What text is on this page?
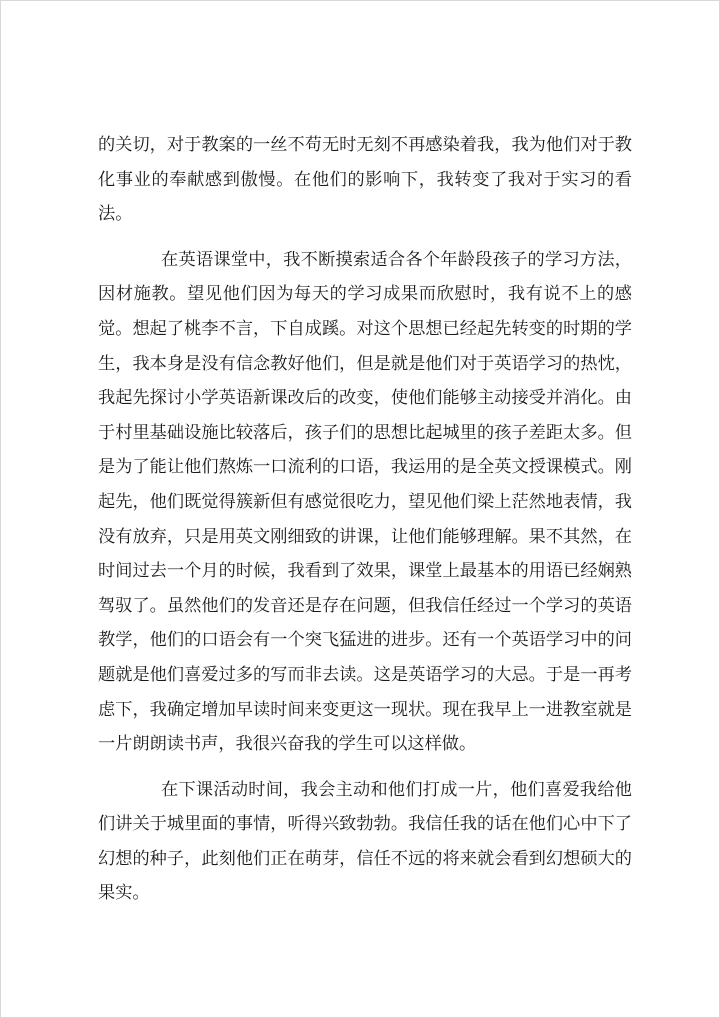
的关切，对于教案的一丝不苟无时无刻不再感染着我，我为他们对于教化事业的奉献感到傲慢。在他们的影响下，我转变了我对于实习的看法。

在英语课堂中，我不断摸索适合各个年龄段孩子的学习方法，因材施教。望见他们因为每天的学习成果而欣慰时，我有说不上的感觉。想起了桃李不言，下自成蹊。对这个思想已经起先转变的时期的学生，我本身是没有信念教好他们，但是就是他们对于英语学习的热忱，我起先探讨小学英语新课改后的改变，使他们能够主动接受并消化。由于村里基础设施比较落后，孩子们的思想比起城里的孩子差距太多。但是为了能让他们熬炼一口流利的口语，我运用的是全英文授课模式。刚起先，他们既觉得簇新但有感觉很吃力，望见他们梁上茫然地表情，我没有放弃，只是用英文刚细致的讲课，让他们能够理解。果不其然，在时间过去一个月的时候，我看到了效果，课堂上最基本的用语已经娴熟驾驭了。虽然他们的发音还是存在问题，但我信任经过一个学习的英语教学，他们的口语会有一个突飞猛进的进步。还有一个英语学习中的问题就是他们喜爱过多的写而非去读。这是英语学习的大忌。于是一再考虑下，我确定增加早读时间来变更这一现状。现在我早上一进教室就是一片朗朗读书声，我很兴奋我的学生可以这样做。

在下课活动时间，我会主动和他们打成一片，他们喜爱我给他们讲关于城里面的事情，听得兴致勃勃。我信任我的话在他们心中下了幻想的种子，此刻他们正在萌芽，信任不远的将来就会看到幻想硕大的果实。
